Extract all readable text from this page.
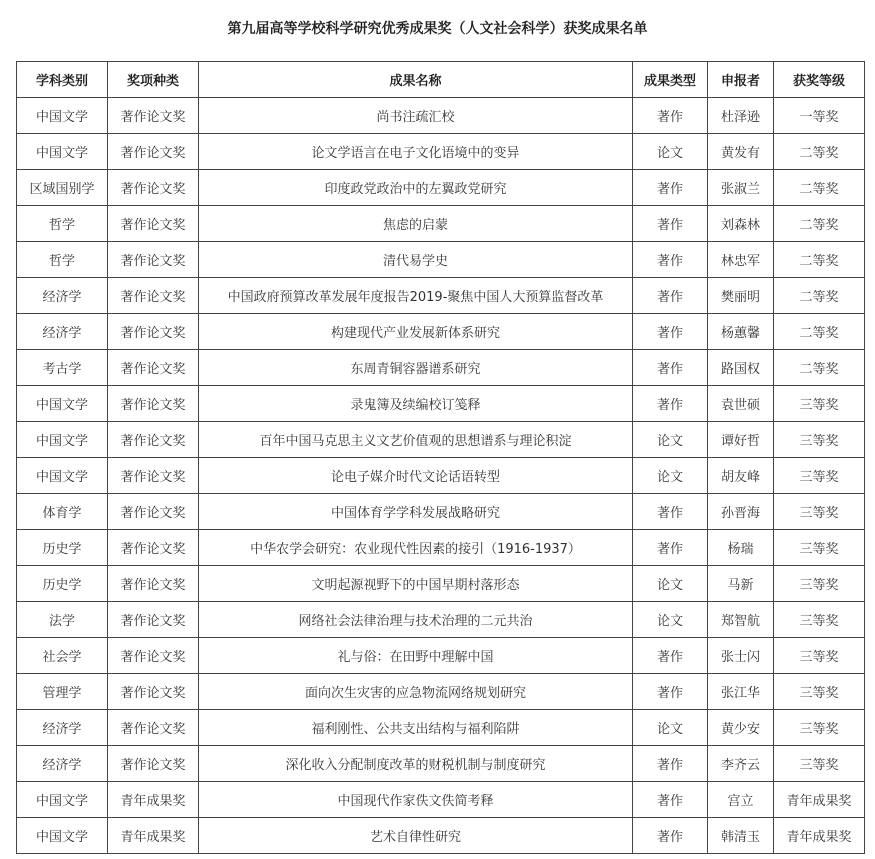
第九届高等学校科学研究优秀成果奖（人文社会科学）获奖成果名单
学科类别	奖项种类	成果名称	成果类型	申报者	获奖等级
中国文学	著作论文奖	尚书注疏汇校	著作	杜泽逊	一等奖
中国文学	著作论文奖	论文学语言在电子文化语境中的变异	论文	黄发有	二等奖
区域国别学	著作论文奖	印度政党政治中的左翼政党研究	著作	张淑兰	二等奖
哲学	著作论文奖	焦虑的启蒙	著作	刘森林	二等奖
哲学	著作论文奖	清代易学史	著作	林忠军	二等奖
经济学	著作论文奖	中国政府预算改革发展年度报告2019-聚焦中国人大预算监督改革	著作	樊丽明	二等奖
经济学	著作论文奖	构建现代产业发展新体系研究	著作	杨蕙馨	二等奖
考古学	著作论文奖	东周青铜容器谱系研究	著作	路国权	二等奖
中国文学	著作论文奖	录鬼簿及续编校订笺释	著作	袁世硕	三等奖
中国文学	著作论文奖	百年中国马克思主义文艺价值观的思想谱系与理论积淀	论文	谭好哲	三等奖
中国文学	著作论文奖	论电子媒介时代文论话语转型	论文	胡友峰	三等奖
体育学	著作论文奖	中国体育学学科发展战略研究	著作	孙晋海	三等奖
历史学	著作论文奖	中华农学会研究：农业现代性因素的接引（1916-1937）	著作	杨瑞	三等奖
历史学	著作论文奖	文明起源视野下的中国早期村落形态	论文	马新	三等奖
法学	著作论文奖	网络社会法律治理与技术治理的二元共治	论文	郑智航	三等奖
社会学	著作论文奖	礼与俗：在田野中理解中国	著作	张士闪	三等奖
管理学	著作论文奖	面向次生灾害的应急物流网络规划研究	著作	张江华	三等奖
经济学	著作论文奖	福利刚性、公共支出结构与福利陷阱	论文	黄少安	三等奖
经济学	著作论文奖	深化收入分配制度改革的财税机制与制度研究	著作	李齐云	三等奖
中国文学	青年成果奖	中国现代作家佚文佚简考释	著作	宫立	青年成果奖
中国文学	青年成果奖	艺术自律性研究	著作	韩清玉	青年成果奖
